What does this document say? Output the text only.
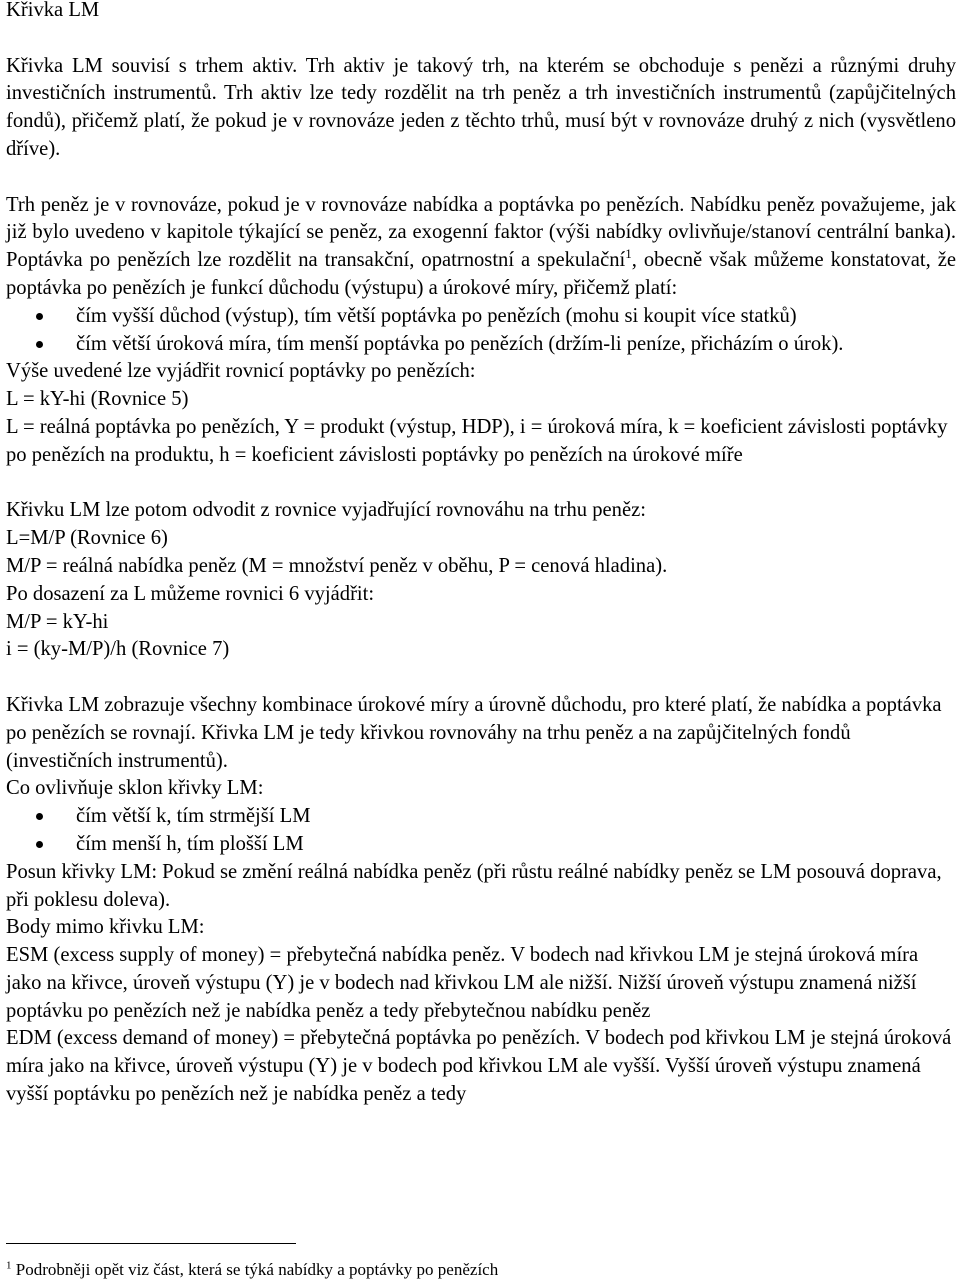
Křivka LM

Křivka LM souvisí s trhem aktiv. Trh aktiv je takový trh, na kterém se obchoduje s penězi a různými druhy investičních instrumentů. Trh aktiv lze tedy rozdělit na trh peněz a trh investičních instrumentů (zapůjčitelných fondů), přičemž platí, že pokud je v rovnováze jeden z těchto trhů, musí být v rovnováze druhý z nich (vysvětleno dříve).

Trh peněz je v rovnováze, pokud je v rovnováze nabídka a poptávka po penězích. Nabídku peněz považujeme, jak již bylo uvedeno v kapitole týkající se peněz, za exogenní faktor (výši nabídky ovlivňuje/stanoví centrální banka). Poptávka po penězích lze rozdělit na transakční, opatrnostní a spekulační$^1$, obecně však můžeme konstatovat, že poptávka po penězích je funkcí důchodu (výstupu) a úrokové míry, přičemž platí:

čím vyšší důchod (výstup), tím větší poptávka po penězích (mohu si koupit více statků)
čím větší úroková míra, tím menší poptávka po penězích (držím-li peníze, přicházím o úrok).

Výše uvedené lze vyjádřit rovnicí poptávky po penězích:

L = kY-hi (Rovnice 5)

L = reálná poptávka po penězích, Y = produkt (výstup, HDP), i = úroková míra, k = koeficient závislosti poptávky po penězích na produktu, h = koeficient závislosti poptávky po penězích na úrokové míře

Křivku LM lze potom odvodit z rovnice vyjadřující rovnováhu na trhu peněz:

L=M/P (Rovnice 6)

M/P = reálná nabídka peněz (M = množství peněz v oběhu, P = cenová hladina).

Po dosazení za L můžeme rovnici 6 vyjádřit:

M/P = kY-hi

i = (ky-M/P)/h (Rovnice 7)

Křivka LM zobrazuje všechny kombinace úrokové míry a úrovně důchodu, pro které platí, že nabídka a poptávka po penězích se rovnají. Křivka LM je tedy křivkou rovnováhy na trhu peněz a na zapůjčitelných fondů (investičních instrumentů).

Co ovlivňuje sklon křivky LM:

čím větší k, tím strmější LM
čím menší h, tím plošší LM

Posun křivky LM: Pokud se změní reálná nabídka peněz (při růstu reálné nabídky peněz se LM posouvá doprava, při poklesu doleva).

Body mimo křivku LM:

ESM (excess supply of money) = přebytečná nabídka peněz. V bodech nad křivkou LM je stejná úroková míra jako na křivce, úroveň výstupu (Y) je v bodech nad křivkou LM ale nižší. Nižší úroveň výstupu znamená nižší poptávku po penězích než je nabídka peněz a tedy přebytečnou nabídku peněz

EDM (excess demand of money) = přebytečná poptávka po penězích. V bodech pod křivkou LM je stejná úroková míra jako na křivce, úroveň výstupu (Y) je v bodech pod křivkou LM ale vyšší. Vyšší úroveň výstupu znamená vyšší poptávku po penězích než je nabídka peněz a tedy

$^1$ Podrobněji opět viz část, která se týká nabídky a poptávky po penězích
